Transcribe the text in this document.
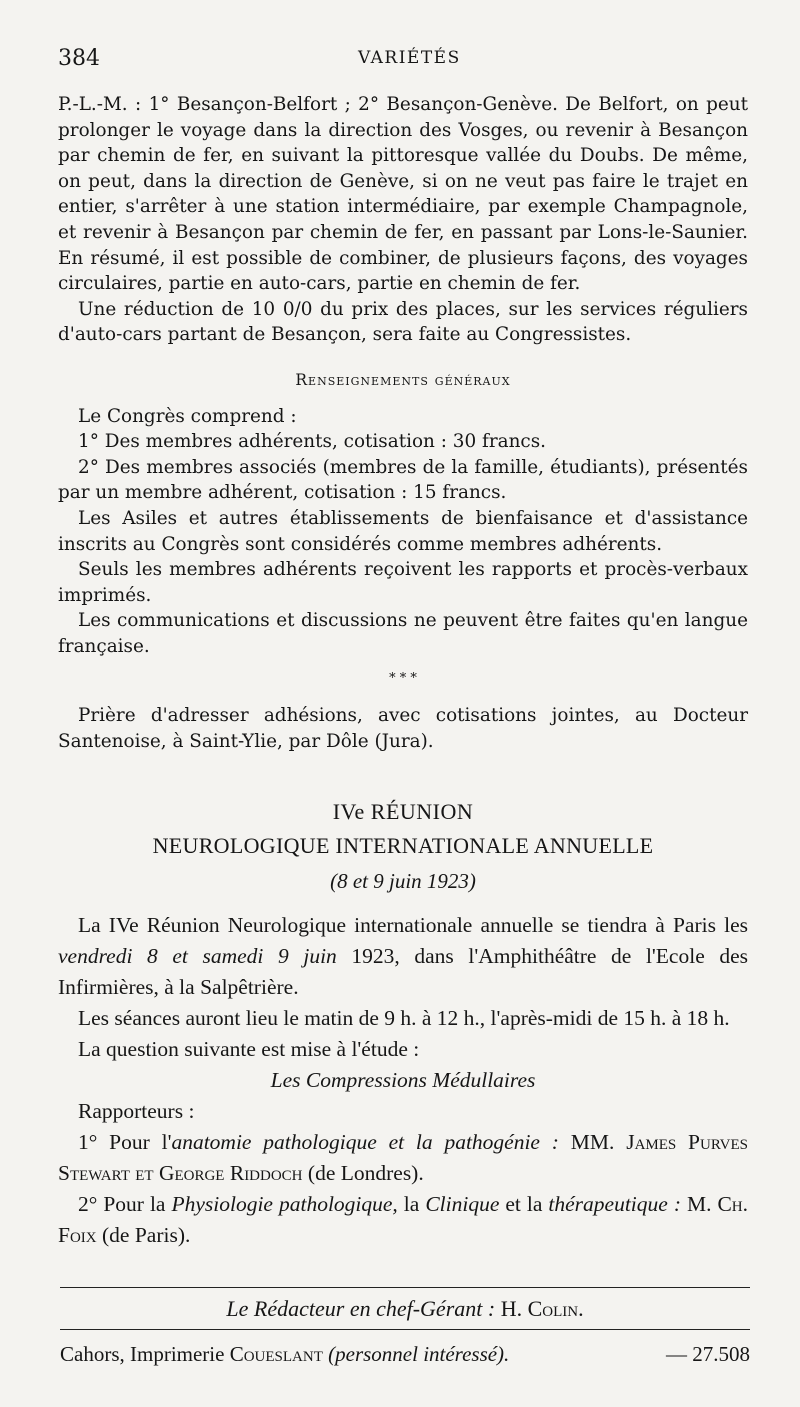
384	VARIÉTÉS

P.-L.-M. : 1° Besançon-Belfort ; 2° Besançon-Genève. De Belfort, on peut prolonger le voyage dans la direction des Vosges, ou revenir à Besançon par chemin de fer, en suivant la pittoresque vallée du Doubs. De même, on peut, dans la direction de Genève, si on ne veut pas faire le trajet en entier, s'arrêter à une station intermédiaire, par exemple Champagnole, et revenir à Besançon par chemin de fer, en passant par Lons-le-Saunier. En résumé, il est possible de combiner, de plusieurs façons, des voyages circulaires, partie en auto-cars, partie en chemin de fer.

Une réduction de 10 0/0 du prix des places, sur les services réguliers d'auto-cars partant de Besançon, sera faite au Congressistes.

Renseignements généraux

Le Congrès comprend :

1° Des membres adhérents, cotisation : 30 francs.

2° Des membres associés (membres de la famille, étudiants), présentés par un membre adhérent, cotisation : 15 francs.

Les Asiles et autres établissements de bienfaisance et d'assistance inscrits au Congrès sont considérés comme membres adhérents.

Seuls les membres adhérents reçoivent les rapports et procès-verbaux imprimés.

Les communications et discussions ne peuvent être faites qu'en langue française.

* * *

Prière d'adresser adhésions, avec cotisations jointes, au Docteur Santenoise, à Saint-Ylie, par Dôle (Jura).

IVe RÉUNION
NEUROLOGIQUE INTERNATIONALE ANNUELLE
(8 et 9 juin 1923)

La IVe Réunion Neurologique internationale annuelle se tiendra à Paris les vendredi 8 et samedi 9 juin 1923, dans l'Amphithéâtre de l'Ecole des Infirmières, à la Salpêtrière.

Les séances auront lieu le matin de 9 h. à 12 h., l'après-midi de 15 h. à 18 h.

La question suivante est mise à l'étude :

Les Compressions Médullaires

Rapporteurs :

1° Pour l'anatomie pathologique et la pathogénie : MM. James Purves Stewart et George Riddoch (de Londres).

2° Pour la Physiologie pathologique, la Clinique et la thérapeutique : M. Ch. Foix (de Paris).

Le Rédacteur en chef-Gérant : H. Colin.
Cahors, Imprimerie Coueslant (personnel intéressé).	— 27.508
